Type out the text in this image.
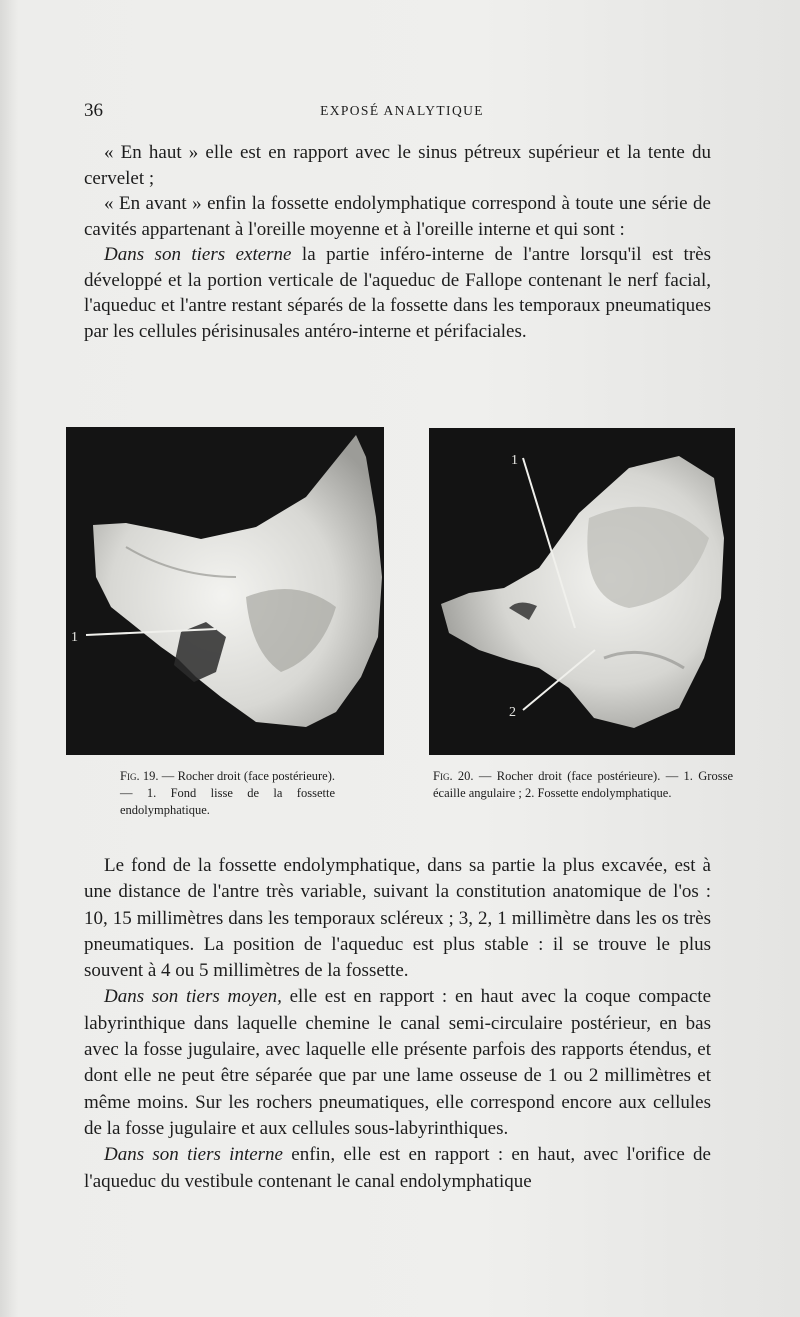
36	EXPOSÉ ANALYTIQUE

« En haut » elle est en rapport avec le sinus pétreux supérieur et la tente du cervelet ;

« En avant » enfin la fossette endolymphatique correspond à toute une série de cavités appartenant à l'oreille moyenne et à l'oreille interne et qui sont :

Dans son tiers externe la partie inféro-interne de l'antre lorsqu'il est très développé et la portion verticale de l'aqueduc de Fallope contenant le nerf facial, l'aqueduc et l'antre restant séparés de la fossette dans les temporaux pneumatiques par les cellules périsinusales antéro-interne et périfaciales.

1
Fig. 19. — Rocher droit (face postérieure). — 1. Fond lisse de la fossette endolymphatique.
1
2
Fig. 20. — Rocher droit (face postérieure). — 1. Grosse écaille angulaire ; 2. Fossette endolymphatique.

Le fond de la fossette endolymphatique, dans sa partie la plus excavée, est à une distance de l'antre très variable, suivant la constitution anatomique de l'os : 10, 15 millimètres dans les temporaux scléreux ; 3, 2, 1 millimètre dans les os très pneumatiques. La position de l'aqueduc est plus stable : il se trouve le plus souvent à 4 ou 5 millimètres de la fossette.

Dans son tiers moyen, elle est en rapport : en haut avec la coque compacte labyrinthique dans laquelle chemine le canal semi-circulaire postérieur, en bas avec la fosse jugulaire, avec laquelle elle présente parfois des rapports étendus, et dont elle ne peut être séparée que par une lame osseuse de 1 ou 2 millimètres et même moins. Sur les rochers pneumatiques, elle correspond encore aux cellules de la fosse jugulaire et aux cellules sous-labyrinthiques.

Dans son tiers interne enfin, elle est en rapport : en haut, avec l'orifice de l'aqueduc du vestibule contenant le canal endolymphatique
